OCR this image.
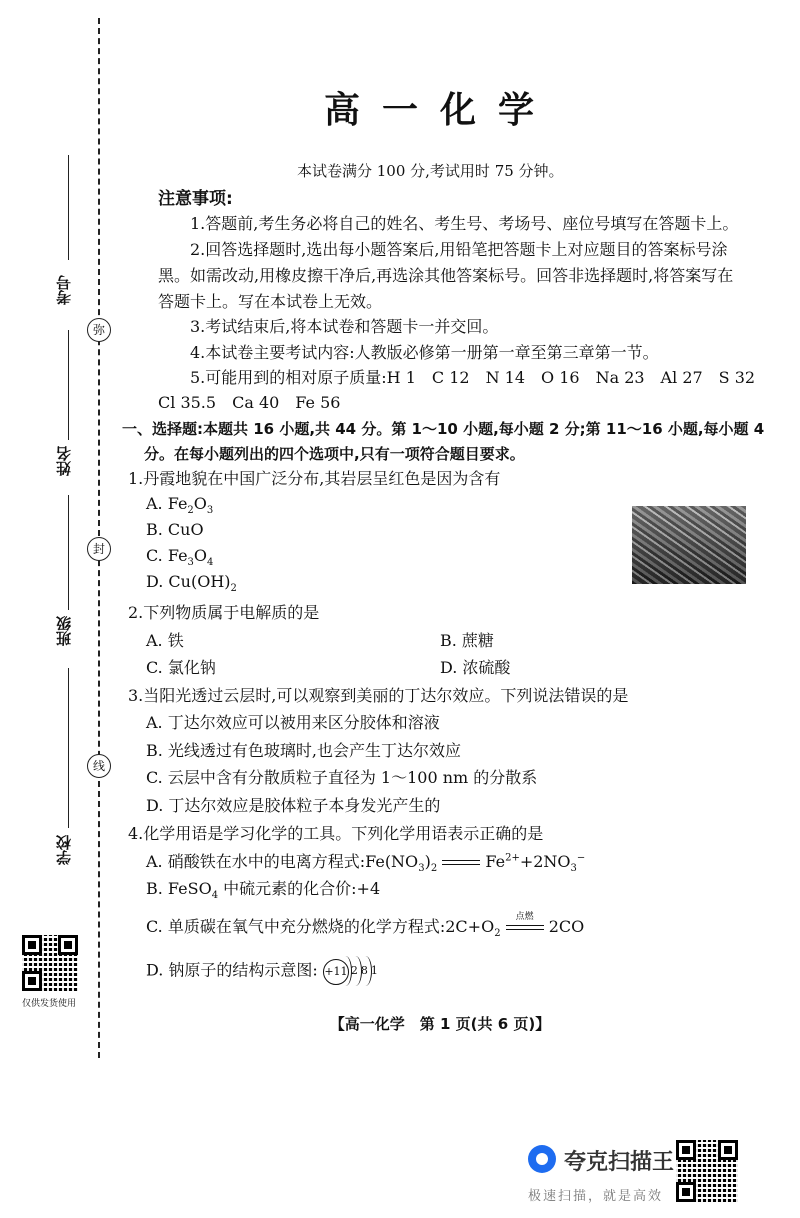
考号
弥
姓名
封
班级
线
学校
仅供发货使用
高一化学
本试卷满分 100 分,考试用时 75 分钟。
注意事项:
1.答题前,考生务必将自己的姓名、考生号、考场号、座位号填写在答题卡上。
2.回答选择题时,选出每小题答案后,用铅笔把答题卡上对应题目的答案标号涂
黑。如需改动,用橡皮擦干净后,再选涂其他答案标号。回答非选择题时,将答案写在
答题卡上。写在本试卷上无效。
3.考试结束后,将本试卷和答题卡一并交回。
4.本试卷主要考试内容:人教版必修第一册第一章至第三章第一节。
5.可能用到的相对原子质量:H 1　C 12　N 14　O 16　Na 23　Al 27　S 32
Cl 35.5　Ca 40　Fe 56
一、选择题:本题共 16 小题,共 44 分。第 1～10 小题,每小题 2 分;第 11～16 小题,每小题 4
分。在每小题列出的四个选项中,只有一项符合题目要求。
1.丹霞地貌在中国广泛分布,其岩层呈红色是因为含有
A. $Fe_2O_3$
B. CuO
C. $Fe_3O_4$
D. $Cu(OH)_2$
2.下列物质属于电解质的是
A. 铁	B. 蔗糖
C. 氯化钠	D. 浓硫酸
3.当阳光透过云层时,可以观察到美丽的丁达尔效应。下列说法错误的是
A. 丁达尔效应可以被用来区分胶体和溶液
B. 光线透过有色玻璃时,也会产生丁达尔效应
C. 云层中含有分散质粒子直径为 1～100 nm 的分散系
D. 丁达尔效应是胶体粒子本身发光产生的
4.化学用语是学习化学的工具。下列化学用语表示正确的是
A. 硝酸铁在水中的电离方程式$:Fe(NO_3)_2$	$Fe^{2+}+2NO_3^-$
B. FeSO$_4$ 中硫元素的化合价:+4
C. 单质碳在氧气中充分燃烧的化学方程式$:2C+O_2$
点燃
2CO
D. 钠原子的结构示意图: +11 2 8 1
【高一化学　第 1 页(共 6 页)】
夸克扫描王
极速扫描，就是高效
